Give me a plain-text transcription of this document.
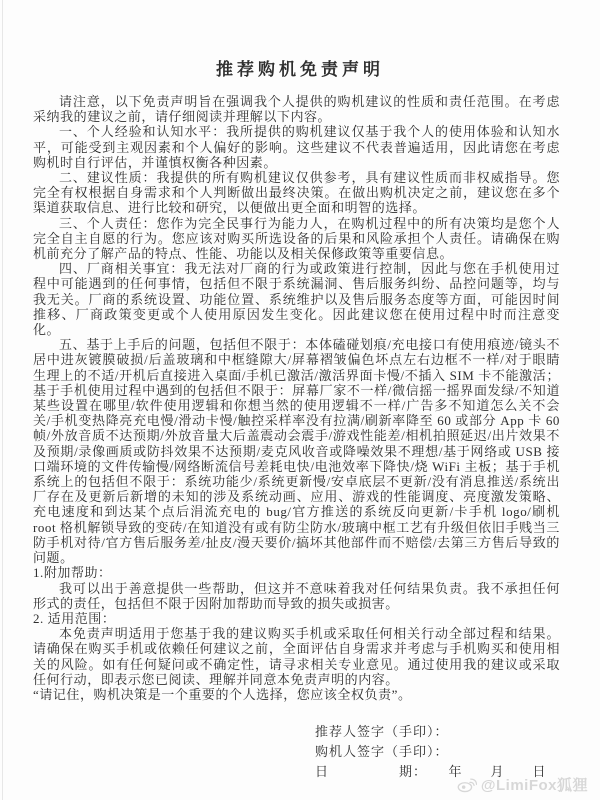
推荐购机免责声明

请注意，以下免责声明旨在强调我个人提供的购机建议的性质和责任范围。在考虑采纳我的建议之前，请仔细阅读并理解以下内容。

一、个人经验和认知水平：我所提供的购机建议仅基于我个人的使用体验和认知水平，可能受到主观因素和个人偏好的影响。这些建议不代表普遍适用，因此请您在考虑购机时自行评估，并谨慎权衡各种因素。

二、建议性质：我提供的所有购机建议仅供参考，具有建议性质而非权威指导。您完全有权根据自身需求和个人判断做出最终决策。在做出购机决定之前，建议您在多个渠道获取信息、进行比较和研究，以便做出更全面和明智的选择。

三、个人责任：您作为完全民事行为能力人，在购机过程中的所有决策均是您个人完全自主自愿的行为。您应该对购买所选设备的后果和风险承担个人责任。请确保在购机前充分了解产品的特点、性能、功能以及相关保修政策等重要信息。

四、厂商相关事宜：我无法对厂商的行为或政策进行控制，因此与您在手机使用过程中可能遇到的任何事情，包括但不限于系统漏洞、售后服务纠纷、品控问题等，均与我无关。厂商的系统设置、功能位置、系统维护以及售后服务态度等方面，可能因时间推移、厂商政策变更或个人使用原因发生变化。因此建议您在使用过程中时而注意变化。

五、基于上手后的问题，包括但不限于：本体磕碰划痕/充电接口有使用痕迹/镜头不居中进灰镀膜破损/后盖玻璃和中框缝隙大/屏幕褶皱偏色坏点左右边框不一样/对于眼睛生理上的不适/开机后直接进入桌面/手机已激活/激活界面卡慢/不插入 SIM 卡不能激活；基于手机使用过程中遇到的包括但不限于：屏幕厂家不一样/微信摇一摇界面发绿/不知道某些设置在哪里/软件使用逻辑和你想当然的使用逻辑不一样/广告多不知道怎么关不会关/手机变热降亮充电慢/滑动卡慢/触控采样率没有拉满/刷新率降至 60 或部分 App 卡 60 帧/外放音质不达预期/外放音量大后盖震动会震手/游戏性能差/相机拍照延迟/出片效果不及预期/录像画质或防抖效果不达预期/麦克风收音或降噪效果不理想/基于网络或 USB 接口端环境的文件传输慢/网络断流信号差耗电快/电池效率下降快/烧 WiFi 主板；基于手机系统上的包括但不限于：系统功能少/系统更新慢/安卓底层不更新/没有消息推送/系统出厂存在及更新后新增的未知的涉及系统动画、应用、游戏的性能调度、亮度激发策略、充电速度和到达某个点后涓流充电的 bug/官方推送的系统反向更新/卡手机 logo/刷机 root 格机解锁导致的变砖/在知道没有或有防尘防水/玻璃中框工艺有升级但依旧手贱当三防手机对待/官方售后服务差/扯皮/漫天要价/搞坏其他部件而不赔偿/去第三方售后导致的问题。

1.附加帮助：

我可以出于善意提供一些帮助，但这并不意味着我对任何结果负责。我不承担任何形式的责任，包括但不限于因附加帮助而导致的损失或损害。

2. 适用范围：

本免责声明适用于您基于我的建议购买手机或采取任何相关行动全部过程和结果。请确保在购买手机或依赖任何建议之前，全面评估自身需求并考虑与手机购买和使用相关的风险。如有任何疑问或不确定性，请寻求相关专业意见。通过使用我的建议或采取任何行动，即表示您已阅读、理解并同意本免责声明的内容。

“请记住，购机决策是一个重要的个人选择，您应该全权负责”。

推荐人签字（手印）：
购机人签字（手印）：
日　　　　　期：　　年　　月　　日
@LimiFox狐狸
